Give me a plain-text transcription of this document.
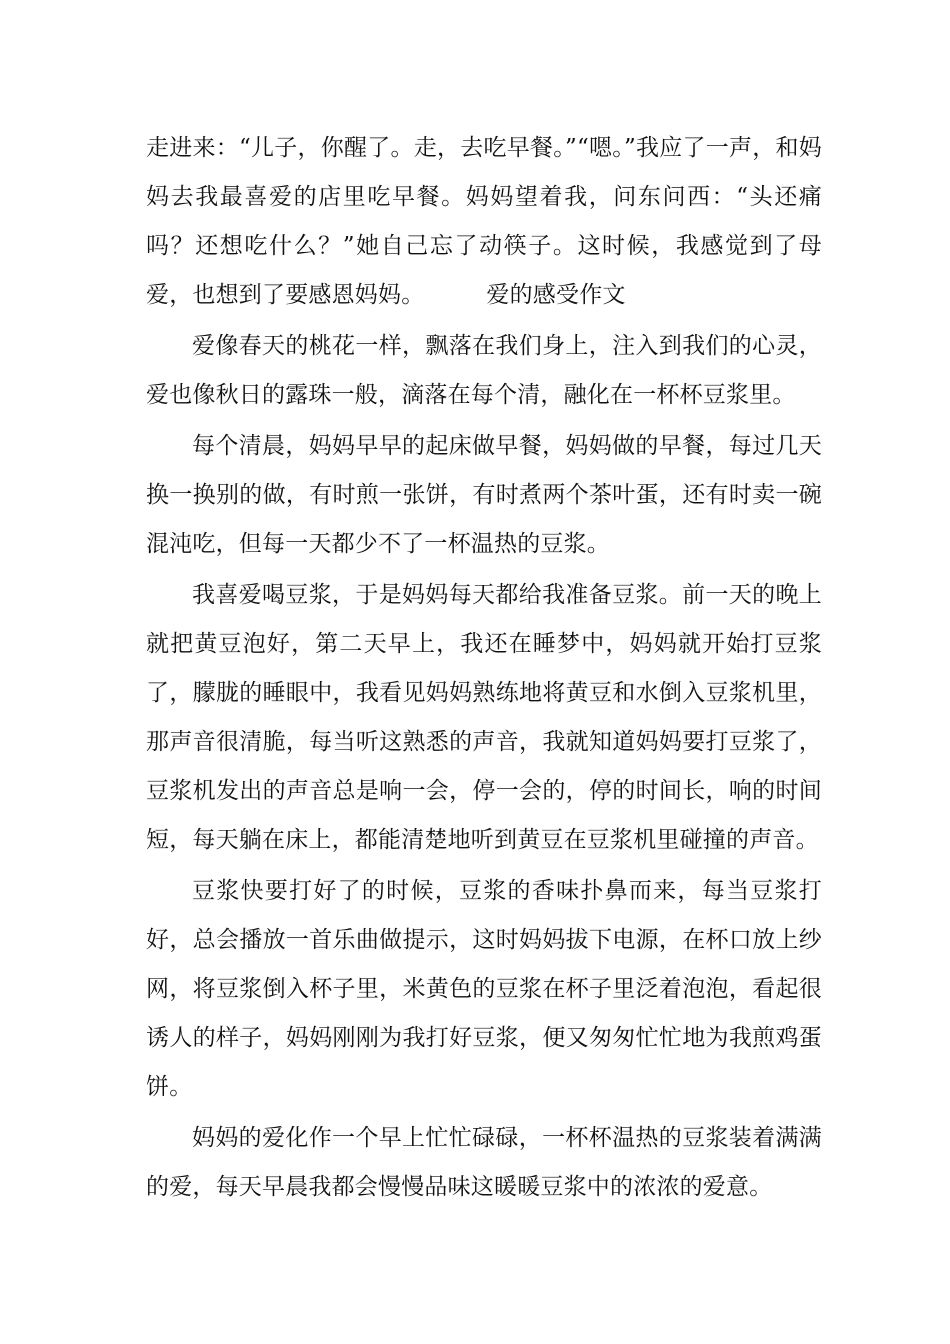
走进来：“儿子，你醒了。走，去吃早餐。”“嗯。”我应了一声，和妈妈去我最喜爱的店里吃早餐。妈妈望着我，问东问西：“头还痛吗？还想吃什么？”她自己忘了动筷子。这时候，我感觉到了母爱，也想到了要感恩妈妈。	爱的感受作文

爱像春天的桃花一样，飘落在我们身上，注入到我们的心灵，爱也像秋日的露珠一般，滴落在每个清，融化在一杯杯豆浆里。

每个清晨，妈妈早早的起床做早餐，妈妈做的早餐，每过几天换一换别的做，有时煎一张饼，有时煮两个茶叶蛋，还有时卖一碗混沌吃，但每一天都少不了一杯温热的豆浆。

我喜爱喝豆浆，于是妈妈每天都给我准备豆浆。前一天的晚上就把黄豆泡好，第二天早上，我还在睡梦中，妈妈就开始打豆浆了，朦胧的睡眼中，我看见妈妈熟练地将黄豆和水倒入豆浆机里，那声音很清脆，每当听这熟悉的声音，我就知道妈妈要打豆浆了，豆浆机发出的声音总是响一会，停一会的，停的时间长，响的时间短，每天躺在床上，都能清楚地听到黄豆在豆浆机里碰撞的声音。

豆浆快要打好了的时候，豆浆的香味扑鼻而来，每当豆浆打好，总会播放一首乐曲做提示，这时妈妈拔下电源，在杯口放上纱网，将豆浆倒入杯子里，米黄色的豆浆在杯子里泛着泡泡，看起很诱人的样子，妈妈刚刚为我打好豆浆，便又匆匆忙忙地为我煎鸡蛋饼。

妈妈的爱化作一个早上忙忙碌碌，一杯杯温热的豆浆装着满满的爱，每天早晨我都会慢慢品味这暖暖豆浆中的浓浓的爱意。
